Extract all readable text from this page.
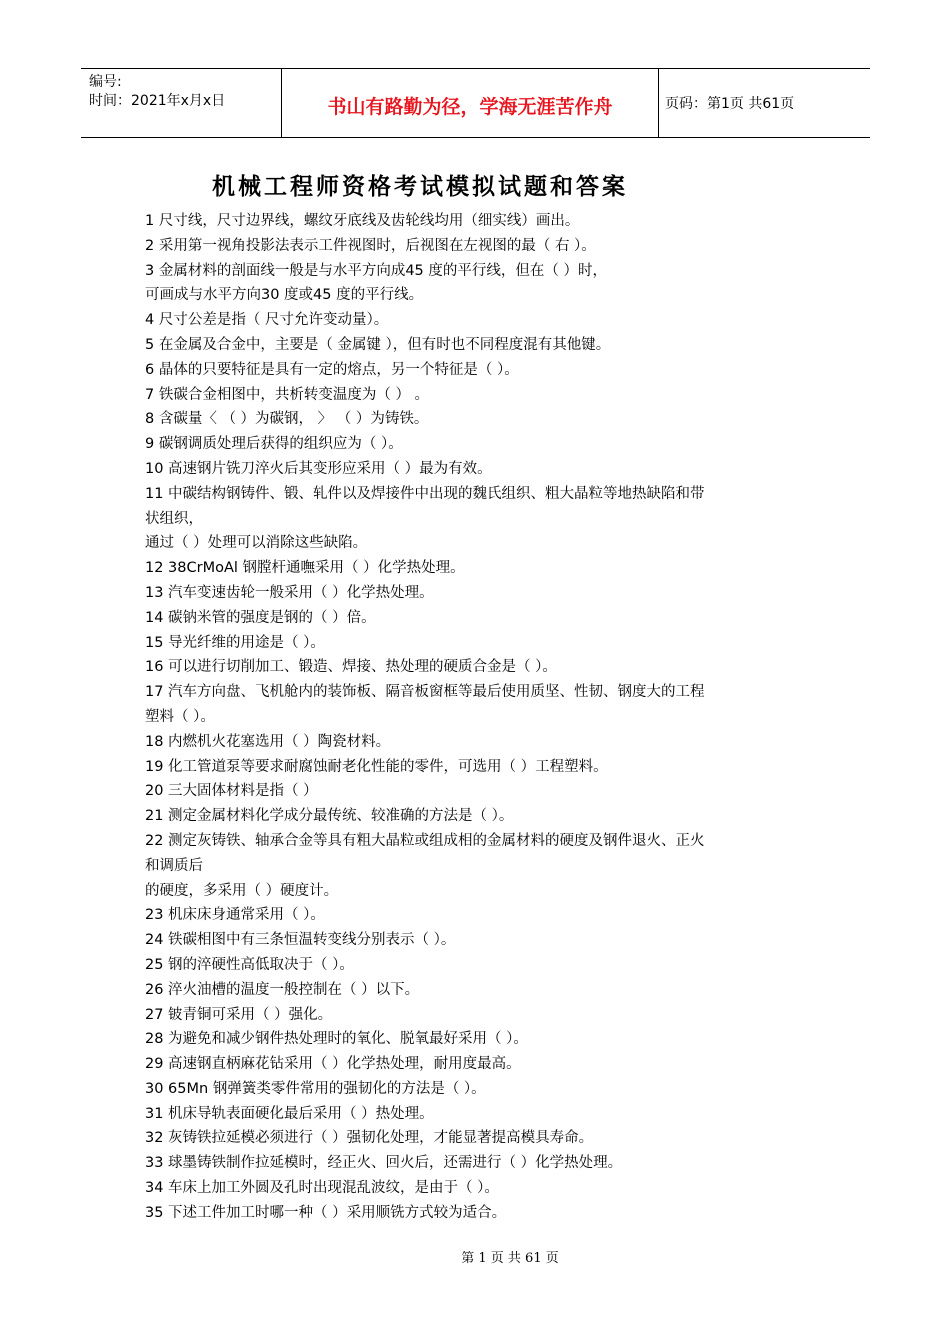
编号:
时间：2021年x月x日	书山有路勤为径，学海无涯苦作舟	页码：第1页 共61页
机械工程师资格考试模拟试题和答案
1 尺寸线，尺寸边界线，螺纹牙底线及齿轮线均用（细实线）画出。
2 采用第一视角投影法表示工件视图时，后视图在左视图的最（ 右 ）。
3 金属材料的剖面线一般是与水平方向成45 度的平行线，但在（ ）时，
可画成与水平方向30 度或45 度的平行线。
4 尺寸公差是指（ 尺寸允许变动量）。
5 在金属及合金中，主要是（ 金属键 ），但有时也不同程度混有其他键。
6 晶体的只要特征是具有一定的熔点，另一个特征是（ ）。
7 铁碳合金相图中，共析转变温度为（ ） 。
8 含碳量〈 （ ）为碳钢， 〉 （ ）为铸铁。
9 碳钢调质处理后获得的组织应为（ ）。
10 高速钢片铣刀淬火后其变形应采用（ ）最为有效。
11 中碳结构钢铸件、锻、轧件以及焊接件中出现的魏氏组织、粗大晶粒等地热缺陷和带
状组织，
通过（ ）处理可以消除这些缺陷。
12 38CrMoAl 钢膛杆通嘸采用（ ）化学热处理。
13 汽车变速齿轮一般采用（ ）化学热处理。
14 碳钠米管的强度是钢的（ ）倍。
15 导光纤维的用途是（ ）。
16 可以进行切削加工、锻造、焊接、热处理的硬质合金是（ ）。
17 汽车方向盘、飞机舱内的装饰板、隔音板窗框等最后使用质坚、性韧、钢度大的工程
塑料（ ）。
18 内燃机火花塞选用（ ）陶瓷材料。
19 化工管道泵等要求耐腐蚀耐老化性能的零件，可选用（ ）工程塑料。
20 三大固体材料是指（ ）
21 测定金属材料化学成分最传统、较准确的方法是（ ）。
22 测定灰铸铁、轴承合金等具有粗大晶粒或组成相的金属材料的硬度及钢件退火、正火
和调质后
的硬度，多采用（ ）硬度计。
23 机床床身通常采用（ ）。
24 铁碳相图中有三条恒温转变线分别表示（ ）。
25 钢的淬硬性高低取决于（ ）。
26 淬火油槽的温度一般控制在（ ）以下。
27 铍青铜可采用（ ）强化。
28 为避免和减少钢件热处理时的氧化、脱氧最好采用（ ）。
29 高速钢直柄麻花钻采用（ ）化学热处理，耐用度最高。
30 65Mn 钢弹簧类零件常用的强韧化的方法是（ ）。
31 机床导轨表面硬化最后采用（ ）热处理。
32 灰铸铁拉延模必须进行（ ）强韧化处理，才能显著提高模具寿命。
33 球墨铸铁制作拉延模时，经正火、回火后，还需进行（ ）化学热处理。
34 车床上加工外圆及孔时出现混乱波纹，是由于（ ）。
35 下述工件加工时哪一种（ ）采用顺铣方式较为适合。
第 1 页 共 61 页
